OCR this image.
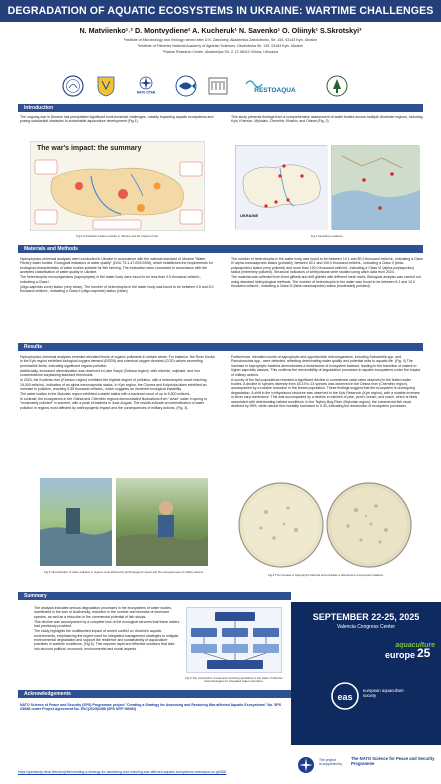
DEGRADATION OF AQUATIC ECOSYSTEMS IN UKRAINE: WARTIME CHALLENGES
N. Matviienko¹˒² D. Montvydiene² A. Kucheruk¹ N. Savenko¹ O. Oliinyk¹ S.Skrotskyi³
¹Institute of Microbiology and Virology named after D.K. Zabolotny, Akademika Zabolotnoho, Str. 154, 03143 Kyiv, Ukraine
²Institute of Fisheries National Academy of Agrarian Sciences, Obukhivska Str. 135, 03164 Kyiv, Ukraine
³Nature Research Centre, Akademijos Str. 2, LT-08412 Vilnius, Lithuania
NATO OTAN	RESTOAQUA
Introduction

The ongoing war in Ukraine has precipitated significant environmental challenges, notably impacting aquatic ecosystems and posing substantial obstacles to sustainable aquaculture development (Fig.1).

This study presents findings from a comprehensive assessment of water bodies across multiple Ukrainian regions, including Kyiv, Kherson, Mykolaiv, Chernihiv, Kharkiv, and Odesa (Fig. 2).

The war's impact: the summary
Fig.1 Freshwater bodies of water in Ukraine and the impact of war.
UKRAINE
Fig.2 Sampling Locations.
Materials and Methods

Hydrophysico-chemical analyses were conducted in Ukraine in accordance with the national standard of Ukraine "Water. Fishery water bodies. Ecological indicators of water quality" (DSU 73.1-47-003:2006), which establishes the requirements for ecological characteristics of water bodies suitable for fish farming. The evaluation were conducted in accordance with the accepted classification of water quality in Ukraine.

The heterotrophic microorganisms (saprophytes) in the water body were found to be less than 0.5 thousand cells/mL, indicating a Class I

(oligo-saprobic zone) status (very clean). The number of heterotrophs in the water body was found to be between 0.5 and 5.0 thousand cells/mL, indicating a Class II (oligo-saprobic) status (clean).

The number of heterotrophs in the water body was found to be between 10.1 and 50.0 thousand cells/mL, indicating a Class IV alpha-mesosaprobic status (polluted), between 50.1 and 100.0 thousand cells/mL, indicating a Class V (beta-polysaprobic) status (very polluted) and more than 100.0 thousand cells/mL, indicating a Class VI (alpha-polysaprobic) status (extremely polluted). Structural indicators of ichthyofauna were studied using catch data from 2024.

The material was collected from fixed gillnets and drift gillnets with different mesh sizes. Biological analysis was carried out using standard ichthyological methods. The number of heterotrophs in the water was found to be between 5.1 and 10.0 thousand cells/mL, indicating a Class III (beta-mesosaprobic) status (moderately polluted).

Results

Hydrophysico-chemical analyses revealed elevated levels of organic pollutants in certain areas. For instance, the River Kozka in the Kyiv region exhibited biological oxygen demand (BOD5) and chemical oxygen demand (COD) values exceeding permissible limits, indicating significant organic pollution.

Additionally, increased mineralization was observed in Lake Sasyk (Odessa region), with chloride, sulphate, and iron concentrations surpassing standard thresholds.

In 2024, the Kodema river (Kherson region) exhibited the highest degree of pollution, with a heterotrophic count reaching 16,000 cells/mL, indicative of an alpha-mesosaprobic status. In Kyiv region, the Chorna and Kolyvivka lakes exhibited an increase in pollution, reaching 9.55 thousand cells/mL, which suggests an imminent ecological instability.

The water bodies in the Mykolaiv region exhibited a stable status with a bacterial count of up to 5,500 cells/mL.

In contrast, the ecosystems in the Odesa and Chernihiv regions demonstrated fluctuations from "clean" water in spring to "moderately polluted" in summer, with a peak of bacteria in June-August. The results indicate an intensification of water pollution in regions most affected by anthropogenic impact and the consequences of military actions. (Fig. 3).

Furthermore, elevated counts of saprophytic and opportunistic microorganisms, including Salmonella spp. and Pseudomonas spp., were detected, reflecting deteriorating water quality and potential risks to aquatic life. (Fig. 4) The increase in saprophytic bacteria demonstrates a disturbance of ecosystem balance, leading to the transition of waters to higher saprobity classes. This confirms the irreversibility of degradation processes in aquatic ecosystems under the impact of military actions.

A survey of the fish populations revealed a significant decline in commercial catch rates observed in the tested water bodies. A decline in species diversity from 18-19 to 13 species was observed in the Desna river (Chernihiv region), accompanied by a notable reduction in the bream population. These findings suggest that the ecosystem is undergoing degradation. A shift in the ichthyofauna structure was observed in the Kyiv Reservoir (Kyiv region), with a notable increase in silver carp dominance. This was accompanied by a decline in catches of pike, perch, bream, and roach, which is likely associated with deteriorating habitat conditions. In the Tsyhny Bug River (Mykolaiv region), the commercial fish stock declined by 95%, while natural fish mortality increased to 0.34, indicating the destruction of ecosystem processes.

Fig.3 Intensification of water pollution in regions most affected by anthropogenic impact and the consequences of military actions.
Fig.4 The increase in saprophytic bacteria demonstrates a disturbance of ecosystem balance.
Summary

The analysis indicates serious degradation processes in the ecosystems of water bodies, manifested in the loss of biodiversity, reduction in the number and biomass of dominant species, as well as a reduction in the commercial potential of fish stocks.

This decline was accompanied by a complete loss of the ecological services that these waters had previously provided.

The study highlights the multifaceted impact of armed conflict on Ukraine's aquatic environments, emphasizing the urgent need for integrated management strategies to mitigate environmental degradation and support the resilience and sustainability of aquaculture practices in wartime conditions. (Fig.5). This requires rapid and effective solutions that take into account political, economic, environmental and social aspects.

Fig.5 The introduction of selected microbial populations is the basis of effective biotechnologies for integrated water restoration.
SEPTEMBER 22-25, 2025
Valencia Congress Center
aquaculture
europe 25
eas
european aquaculture society
Acknowledgements
NATO Science of Peace and Security (SPS) Programme project "Creating a Strategy for Assessing and Restoring War-affected Aquatic Ecosystems" No. SPS G6083 under Project Agreement No. ESC(2025)0288 (SPS MYP G6083)
https://gamstudy.rimai.lt/en/projekte/creating-a-strategy-for-assessing-and-restoring-war-affected-aquatic-ecosystems-restoaqua-no-g6083/
The project
is supported by
The NATO Science for Peace and Security Programme
